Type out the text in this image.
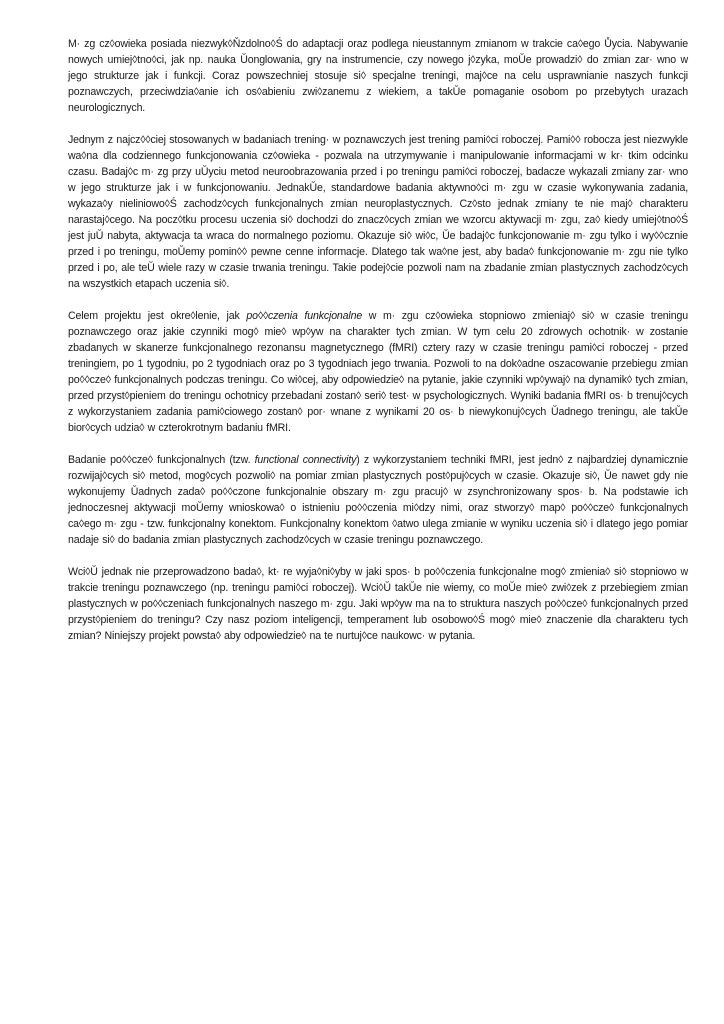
M· zg cz◊owieka posiada niezwyk◊Ňzdolno◊Ś do adaptacji oraz podlega nieustannym zmianom w trakcie ca◊ego Ůycia. Nabywanie nowych umiej◊tno◊ci, jak np. nauka Ŭonglowania, gry na instrumencie, czy nowego j◊zyka, moŬe prowadzi◊ do zmian zar· wno w jego strukturze jak i funkcji. Coraz powszechniej stosuje si◊ specjalne treningi, maj◊ce na celu usprawnianie naszych funkcji poznawczych, przeciwdzia◊anie ich os◊abieniu zwi◊zanemu z wiekiem, a takŬe pomaganie osobom po przebytych urazach neurologicznych.

Jednym z najcz◊◊ciej stosowanych w badaniach trening· w poznawczych jest trening pami◊ci roboczej. Pami◊◊ robocza jest niezwykle wa◊na dla codziennego funkcjonowania cz◊owieka - pozwala na utrzymywanie i manipulowanie informacjami w kr· tkim odcinku czasu. Badaj◊c m· zg przy uŬyciu metod neuroobrazowania przed i po treningu pami◊ci roboczej, badacze wykazali zmiany zar· wno w jego strukturze jak i w funkcjonowaniu. JednakŬe, standardowe badania aktywno◊ci m· zgu w czasie wykonywania zadania, wykaza◊y nieliniowo◊Ś zachodz◊cych funkcjonalnych zmian neuroplastycznych. Cz◊sto jednak zmiany te nie maj◊ charakteru narastaj◊cego. Na pocz◊tku procesu uczenia si◊ dochodzi do znacz◊cych zmian we wzorcu aktywacji m· zgu, za◊ kiedy umiej◊tno◊Ś jest juŬ nabyta, aktywacja ta wraca do normalnego poziomu. Okazuje si◊ wi◊c, Ŭe badaj◊c funkcjonowanie m· zgu tylko i wy◊◊cznie przed i po treningu, moŬemy pomin◊◊ pewne cenne informacje. Dlatego tak wa◊ne jest, aby bada◊ funkcjonowanie m· zgu nie tylko przed i po, ale teŬ wiele razy w czasie trwania treningu. Takie podej◊cie pozwoli nam na zbadanie zmian plastycznych zachodz◊cych na wszystkich etapach uczenia si◊.

Celem projektu jest okre◊lenie, jak po◊◊czenia funkcjonalne w m· zgu cz◊owieka stopniowo zmieniaj◊ si◊ w czasie treningu poznawczego oraz jakie czynniki mog◊ mie◊ wp◊yw na charakter tych zmian. W tym celu 20 zdrowych ochotnik· w zostanie zbadanych w skanerze funkcjonalnego rezonansu magnetycznego (fMRI) cztery razy w czasie treningu pami◊ci roboczej - przed treningiem, po 1 tygodniu, po 2 tygodniach oraz po 3 tygodniach jego trwania. Pozwoli to na dok◊adne oszacowanie przebiegu zmian po◊◊cze◊ funkcjonalnych podczas treningu. Co wi◊cej, aby odpowiedzie◊ na pytanie, jakie czynniki wp◊ywaj◊ na dynamik◊ tych zmian, przed przyst◊pieniem do treningu ochotnicy przebadani zostan◊ seri◊ test· w psychologicznych. Wyniki badania fMRI os· b trenuj◊cych z wykorzystaniem zadania pami◊ciowego zostan◊ por· wnane z wynikami 20 os· b niewykonuj◊cych Ŭadnego treningu, ale takŬe bior◊cych udzia◊ w czterokrotnym badaniu fMRI.

Badanie po◊◊cze◊ funkcjonalnych (tzw. functional connectivity) z wykorzystaniem techniki fMRI, jest jedn◊ z najbardziej dynamicznie rozwijaj◊cych si◊ metod, mog◊cych pozwoli◊ na pomiar zmian plastycznych post◊puj◊cych w czasie. Okazuje si◊, Ŭe nawet gdy nie wykonujemy Ŭadnych zada◊ po◊◊czone funkcjonalnie obszary m· zgu pracuj◊ w zsynchronizowany spos· b. Na podstawie ich jednoczesnej aktywacji moŬemy wnioskowa◊ o istnieniu po◊◊czenia mi◊dzy nimi, oraz stworzy◊ map◊ po◊◊cze◊ funkcjonalnych ca◊ego m· zgu - tzw. funkcjonalny konektom. Funkcjonalny konektom ◊atwo ulega zmianie w wyniku uczenia si◊ i dlatego jego pomiar nadaje si◊ do badania zmian plastycznych zachodz◊cych w czasie treningu poznawczego.

Wci◊Ŭ jednak nie przeprowadzono bada◊, kt· re wyja◊ni◊yby w jaki spos· b po◊◊czenia funkcjonalne mog◊ zmienia◊ si◊ stopniowo w trakcie treningu poznawczego (np. treningu pami◊ci roboczej). Wci◊Ŭ takŬe nie wiemy, co moŬe mie◊ zwi◊zek z przebiegiem zmian plastycznych w po◊◊czeniach funkcjonalnych naszego m· zgu. Jaki wp◊yw ma na to struktura naszych po◊◊cze◊ funkcjonalnych przed przyst◊pieniem do treningu? Czy nasz poziom inteligencji, temperament lub osobowo◊Ś mog◊ mie◊ znaczenie dla charakteru tych zmian? Niniejszy projekt powsta◊ aby odpowiedzie◊ na te nurtuj◊ce naukowc· w pytania.
